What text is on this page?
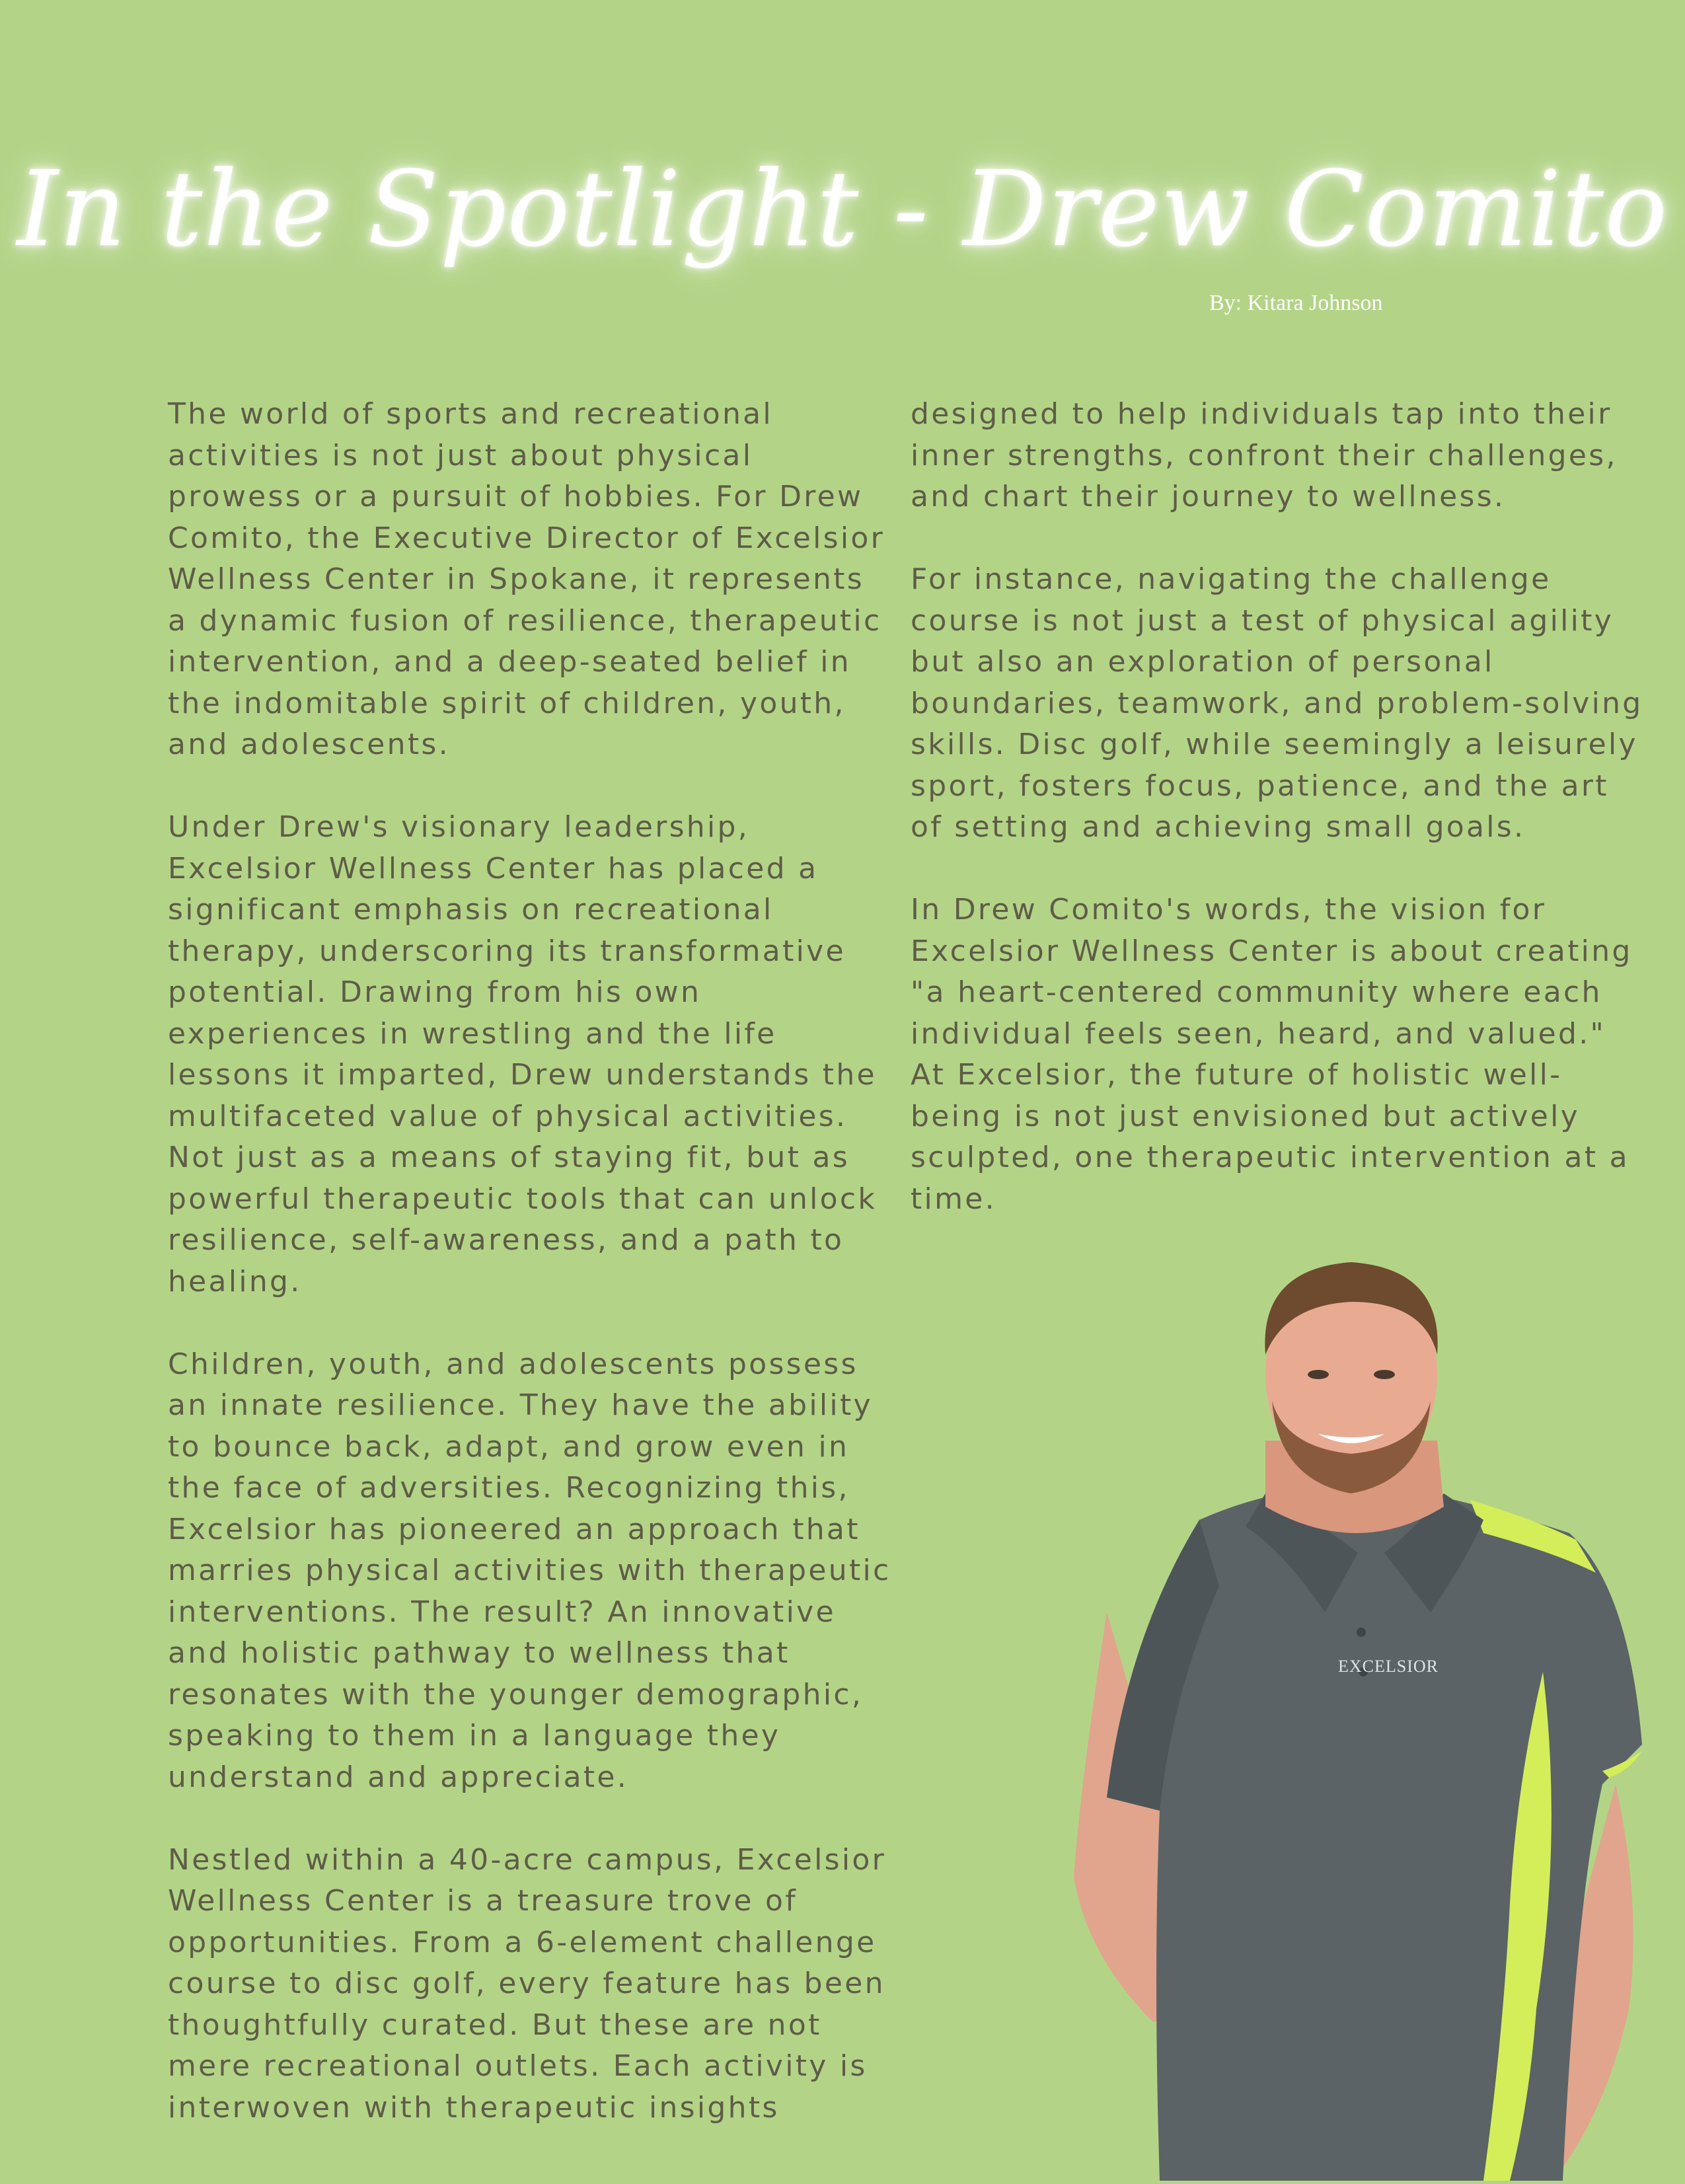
In the Spotlight - Drew Comito
By: Kitara Johnson

The world of sports and recreational activities is not just about physical prowess or a pursuit of hobbies. For Drew Comito, the Executive Director of Excelsior Wellness Center in Spokane, it represents a dynamic fusion of resilience, therapeutic intervention, and a deep-seated belief in the indomitable spirit of children, youth, and adolescents.

Under Drew's visionary leadership, Excelsior Wellness Center has placed a significant emphasis on recreational therapy, underscoring its transformative potential. Drawing from his own experiences in wrestling and the life lessons it imparted, Drew understands the multifaceted value of physical activities. Not just as a means of staying fit, but as powerful therapeutic tools that can unlock resilience, self-awareness, and a path to healing.

Children, youth, and adolescents possess an innate resilience. They have the ability to bounce back, adapt, and grow even in the face of adversities. Recognizing this, Excelsior has pioneered an approach that marries physical activities with therapeutic interventions. The result? An innovative and holistic pathway to wellness that resonates with the younger demographic, speaking to them in a language they understand and appreciate.

Nestled within a 40-acre campus, Excelsior Wellness Center is a treasure trove of opportunities. From a 6-element challenge course to disc golf, every feature has been thoughtfully curated. But these are not mere recreational outlets. Each activity is interwoven with therapeutic insights

designed to help individuals tap into their inner strengths, confront their challenges, and chart their journey to wellness.

For instance, navigating the challenge course is not just a test of physical agility but also an exploration of personal boundaries, teamwork, and problem-solving skills. Disc golf, while seemingly a leisurely sport, fosters focus, patience, and the art of setting and achieving small goals.

In Drew Comito's words, the vision for Excelsior Wellness Center is about creating "a heart-centered community where each individual feels seen, heard, and valued." At Excelsior, the future of holistic well-being is not just envisioned but actively sculpted, one therapeutic intervention at a time.

EXCELSIOR
